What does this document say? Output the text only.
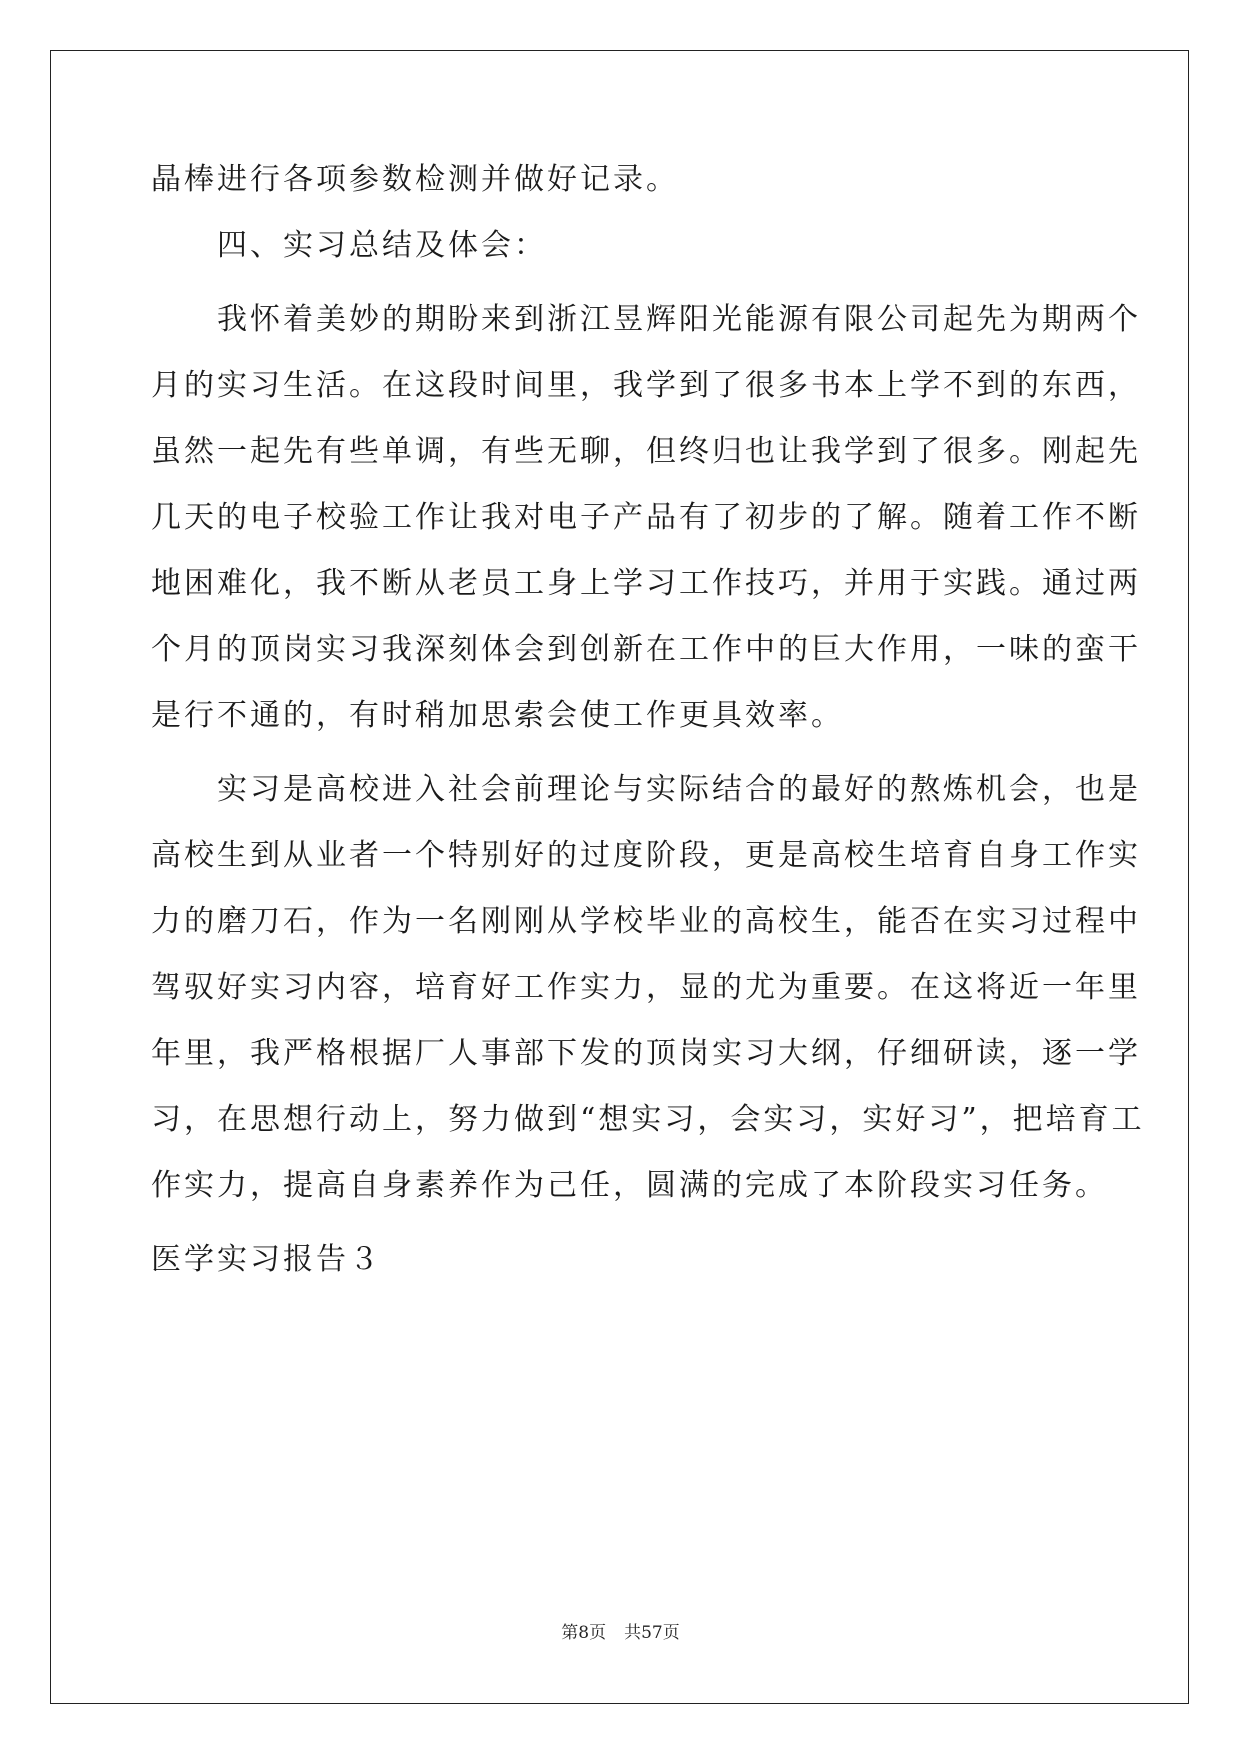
晶棒进行各项参数检测并做好记录。
　　四、实习总结及体会：
　　我怀着美妙的期盼来到浙江昱辉阳光能源有限公司起先为期两个
月的实习生活。在这段时间里，我学到了很多书本上学不到的东西，
虽然一起先有些单调，有些无聊，但终归也让我学到了很多。刚起先
几天的电子校验工作让我对电子产品有了初步的了解。随着工作不断
地困难化，我不断从老员工身上学习工作技巧，并用于实践。通过两
个月的顶岗实习我深刻体会到创新在工作中的巨大作用，一味的蛮干
是行不通的，有时稍加思索会使工作更具效率。
　　实习是高校进入社会前理论与实际结合的最好的熬炼机会，也是
高校生到从业者一个特别好的过度阶段，更是高校生培育自身工作实
力的磨刀石，作为一名刚刚从学校毕业的高校生，能否在实习过程中
驾驭好实习内容，培育好工作实力，显的尤为重要。在这将近一年里
年里，我严格根据厂人事部下发的顶岗实习大纲，仔细研读，逐一学
习，在思想行动上，努力做到“想实习，会实习，实好习”，把培育工
作实力，提高自身素养作为己任，圆满的完成了本阶段实习任务。
医学实习报告３
第8页 共57页
